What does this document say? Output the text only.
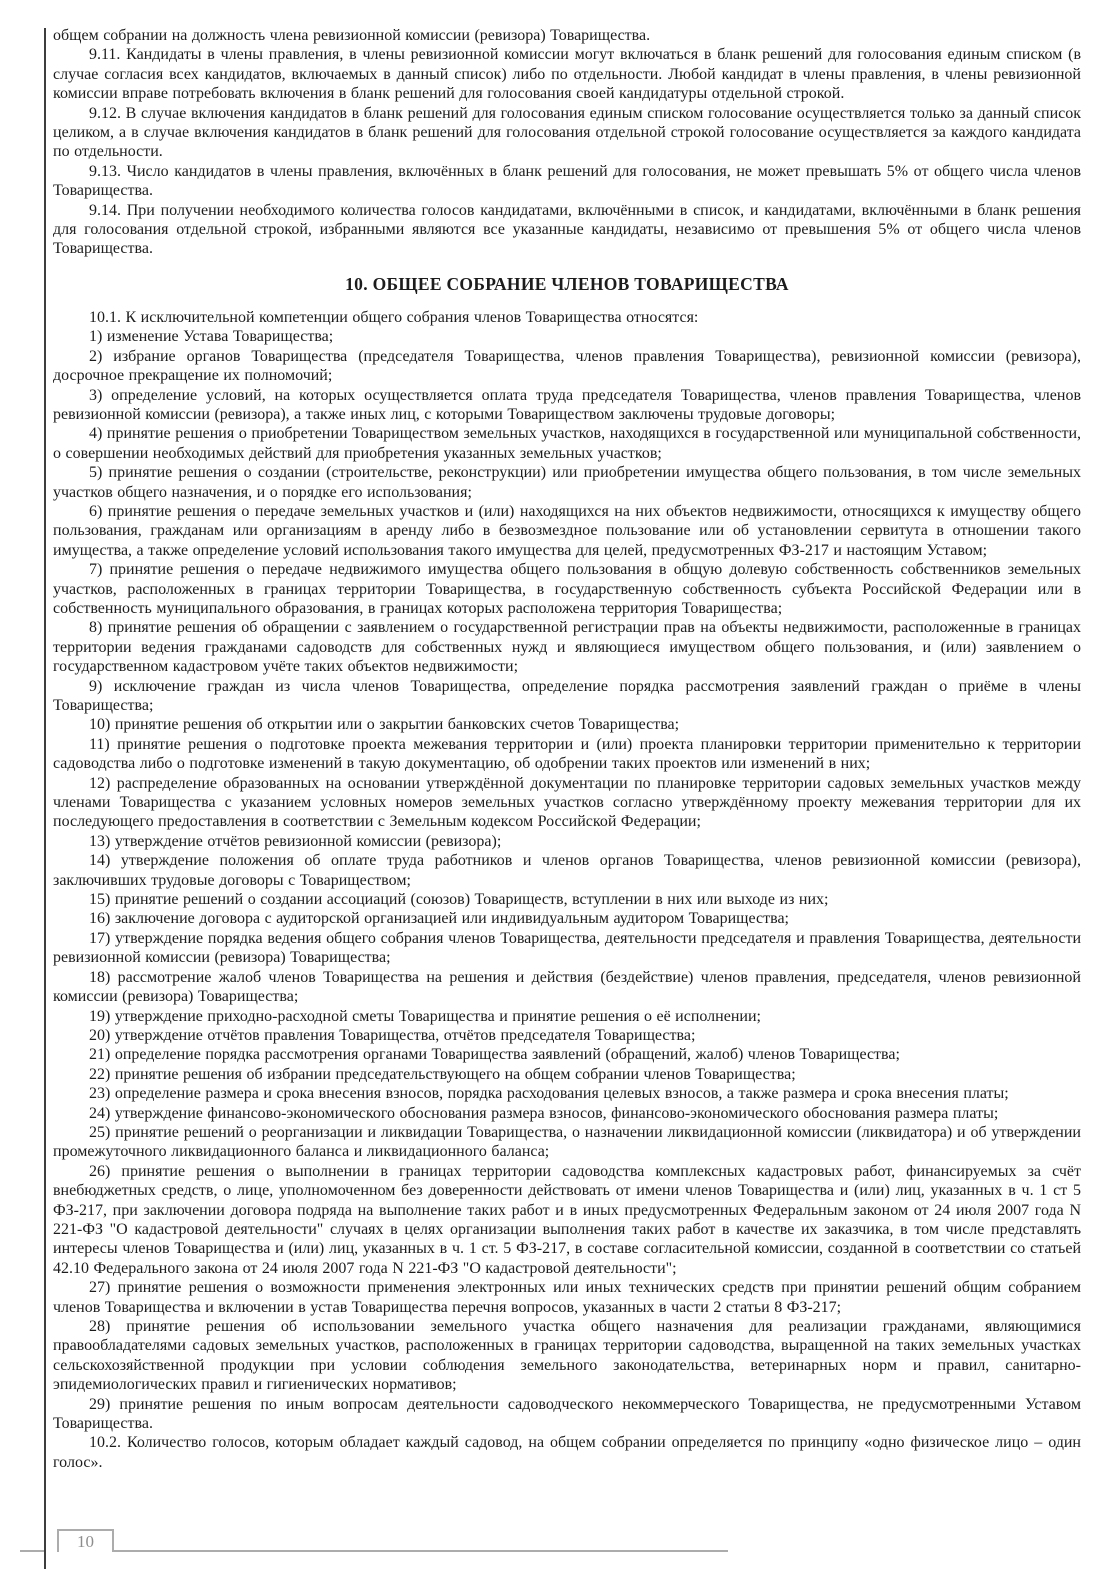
общем собрании на должность члена ревизионной комиссии (ревизора) Товарищества.

9.11. Кандидаты в члены правления, в члены ревизионной комиссии могут включаться в бланк решений для голосования единым списком (в случае согласия всех кандидатов, включаемых в данный список) либо по отдельности. Любой кандидат в члены правления, в члены ревизионной комиссии вправе потребовать включения в бланк решений для голосования своей кандидатуры отдельной строкой.

9.12. В случае включения кандидатов в бланк решений для голосования единым списком голосование осуществляется только за данный список целиком, а в случае включения кандидатов в бланк решений для голосования отдельной строкой голосование осуществляется за каждого кандидата по отдельности.

9.13. Число кандидатов в члены правления, включённых в бланк решений для голосования, не может превышать 5% от общего числа членов Товарищества.

9.14. При получении необходимого количества голосов кандидатами, включёнными в список, и кандидатами, включёнными в бланк решения для голосования отдельной строкой, избранными являются все указанные кандидаты, независимо от превышения 5% от общего числа членов Товарищества.

10. ОБЩЕЕ СОБРАНИЕ ЧЛЕНОВ ТОВАРИЩЕСТВА

10.1. К исключительной компетенции общего собрания членов Товарищества относятся:

1) изменение Устава Товарищества;

2) избрание органов Товарищества (председателя Товарищества, членов правления Товарищества), ревизионной комиссии (ревизора), досрочное прекращение их полномочий;

3) определение условий, на которых осуществляется оплата труда председателя Товарищества, членов правления Товарищества, членов ревизионной комиссии (ревизора), а также иных лиц, с которыми Товариществом заключены трудовые договоры;

4) принятие решения о приобретении Товариществом земельных участков, находящихся в государственной или муниципальной собственности, о совершении необходимых действий для приобретения указанных земельных участков;

5) принятие решения о создании (строительстве, реконструкции) или приобретении имущества общего пользования, в том числе земельных участков общего назначения, и о порядке его использования;

6) принятие решения о передаче земельных участков и (или) находящихся на них объектов недвижимости, относящихся к имуществу общего пользования, гражданам или организациям в аренду либо в безвозмездное пользование или об установлении сервитута в отношении такого имущества, а также определение условий использования такого имущества для целей, предусмотренных ФЗ-217 и настоящим Уставом;

7) принятие решения о передаче недвижимого имущества общего пользования в общую долевую собственность собственников земельных участков, расположенных в границах территории Товарищества, в государственную собственность субъекта Российской Федерации или в собственность муниципального образования, в границах которых расположена территория Товарищества;

8) принятие решения об обращении с заявлением о государственной регистрации прав на объекты недвижимости, расположенные в границах территории ведения гражданами садоводств для собственных нужд и являющиеся имуществом общего пользования, и (или) заявлением о государственном кадастровом учёте таких объектов недвижимости;

9) исключение граждан из числа членов Товарищества, определение порядка рассмотрения заявлений граждан о приёме в члены Товарищества;

10) принятие решения об открытии или о закрытии банковских счетов Товарищества;

11) принятие решения о подготовке проекта межевания территории и (или) проекта планировки территории применительно к территории садоводства либо о подготовке изменений в такую документацию, об одобрении таких проектов или изменений в них;

12) распределение образованных на основании утверждённой документации по планировке территории садовых земельных участков между членами Товарищества с указанием условных номеров земельных участков согласно утверждённому проекту межевания территории для их последующего предоставления в соответствии с Земельным кодексом Российской Федерации;

13) утверждение отчётов ревизионной комиссии (ревизора);

14) утверждение положения об оплате труда работников и членов органов Товарищества, членов ревизионной комиссии (ревизора), заключивших трудовые договоры с Товариществом;

15) принятие решений о создании ассоциаций (союзов) Товариществ, вступлении в них или выходе из них;

16) заключение договора с аудиторской организацией или индивидуальным аудитором Товарищества;

17) утверждение порядка ведения общего собрания членов Товарищества, деятельности председателя и правления Товарищества, деятельности ревизионной комиссии (ревизора) Товарищества;

18) рассмотрение жалоб членов Товарищества на решения и действия (бездействие) членов правления, председателя, членов ревизионной комиссии (ревизора) Товарищества;

19) утверждение приходно-расходной сметы Товарищества и принятие решения о её исполнении;

20) утверждение отчётов правления Товарищества, отчётов председателя Товарищества;

21) определение порядка рассмотрения органами Товарищества заявлений (обращений, жалоб) членов Товарищества;

22) принятие решения об избрании председательствующего на общем собрании членов Товарищества;

23) определение размера и срока внесения взносов, порядка расходования целевых взносов, а также размера и срока внесения платы;

24) утверждение финансово-экономического обоснования размера взносов, финансово-экономического обоснования размера платы;

25) принятие решений о реорганизации и ликвидации Товарищества, о назначении ликвидационной комиссии (ликвидатора) и об утверждении промежуточного ликвидационного баланса и ликвидационного баланса;

26) принятие решения о выполнении в границах территории садоводства комплексных кадастровых работ, финансируемых за счёт внебюджетных средств, о лице, уполномоченном без доверенности действовать от имени членов Товарищества и (или) лиц, указанных в ч. 1 ст 5 ФЗ-217, при заключении договора подряда на выполнение таких работ и в иных предусмотренных Федеральным законом от 24 июля 2007 года N 221-ФЗ "О кадастровой деятельности" случаях в целях организации выполнения таких работ в качестве их заказчика, в том числе представлять интересы членов Товарищества и (или) лиц, указанных в ч. 1 ст. 5 ФЗ-217, в составе согласительной комиссии, созданной в соответствии со статьей 42.10 Федерального закона от 24 июля 2007 года N 221-ФЗ "О кадастровой деятельности";

27) принятие решения о возможности применения электронных или иных технических средств при принятии решений общим собранием членов Товарищества и включении в устав Товарищества перечня вопросов, указанных в части 2 статьи 8 ФЗ-217;

28) принятие решения об использовании земельного участка общего назначения для реализации гражданами, являющимися правообладателями садовых земельных участков, расположенных в границах территории садоводства, выращенной на таких земельных участках сельскохозяйственной продукции при условии соблюдения земельного законодательства, ветеринарных норм и правил, санитарно-эпидемиологических правил и гигиенических нормативов;

29) принятие решения по иным вопросам деятельности садоводческого некоммерческого Товарищества, не предусмотренными Уставом Товарищества.

10.2. Количество голосов, которым обладает каждый садовод, на общем собрании определяется по принципу «одно физическое лицо – один голос».

10
